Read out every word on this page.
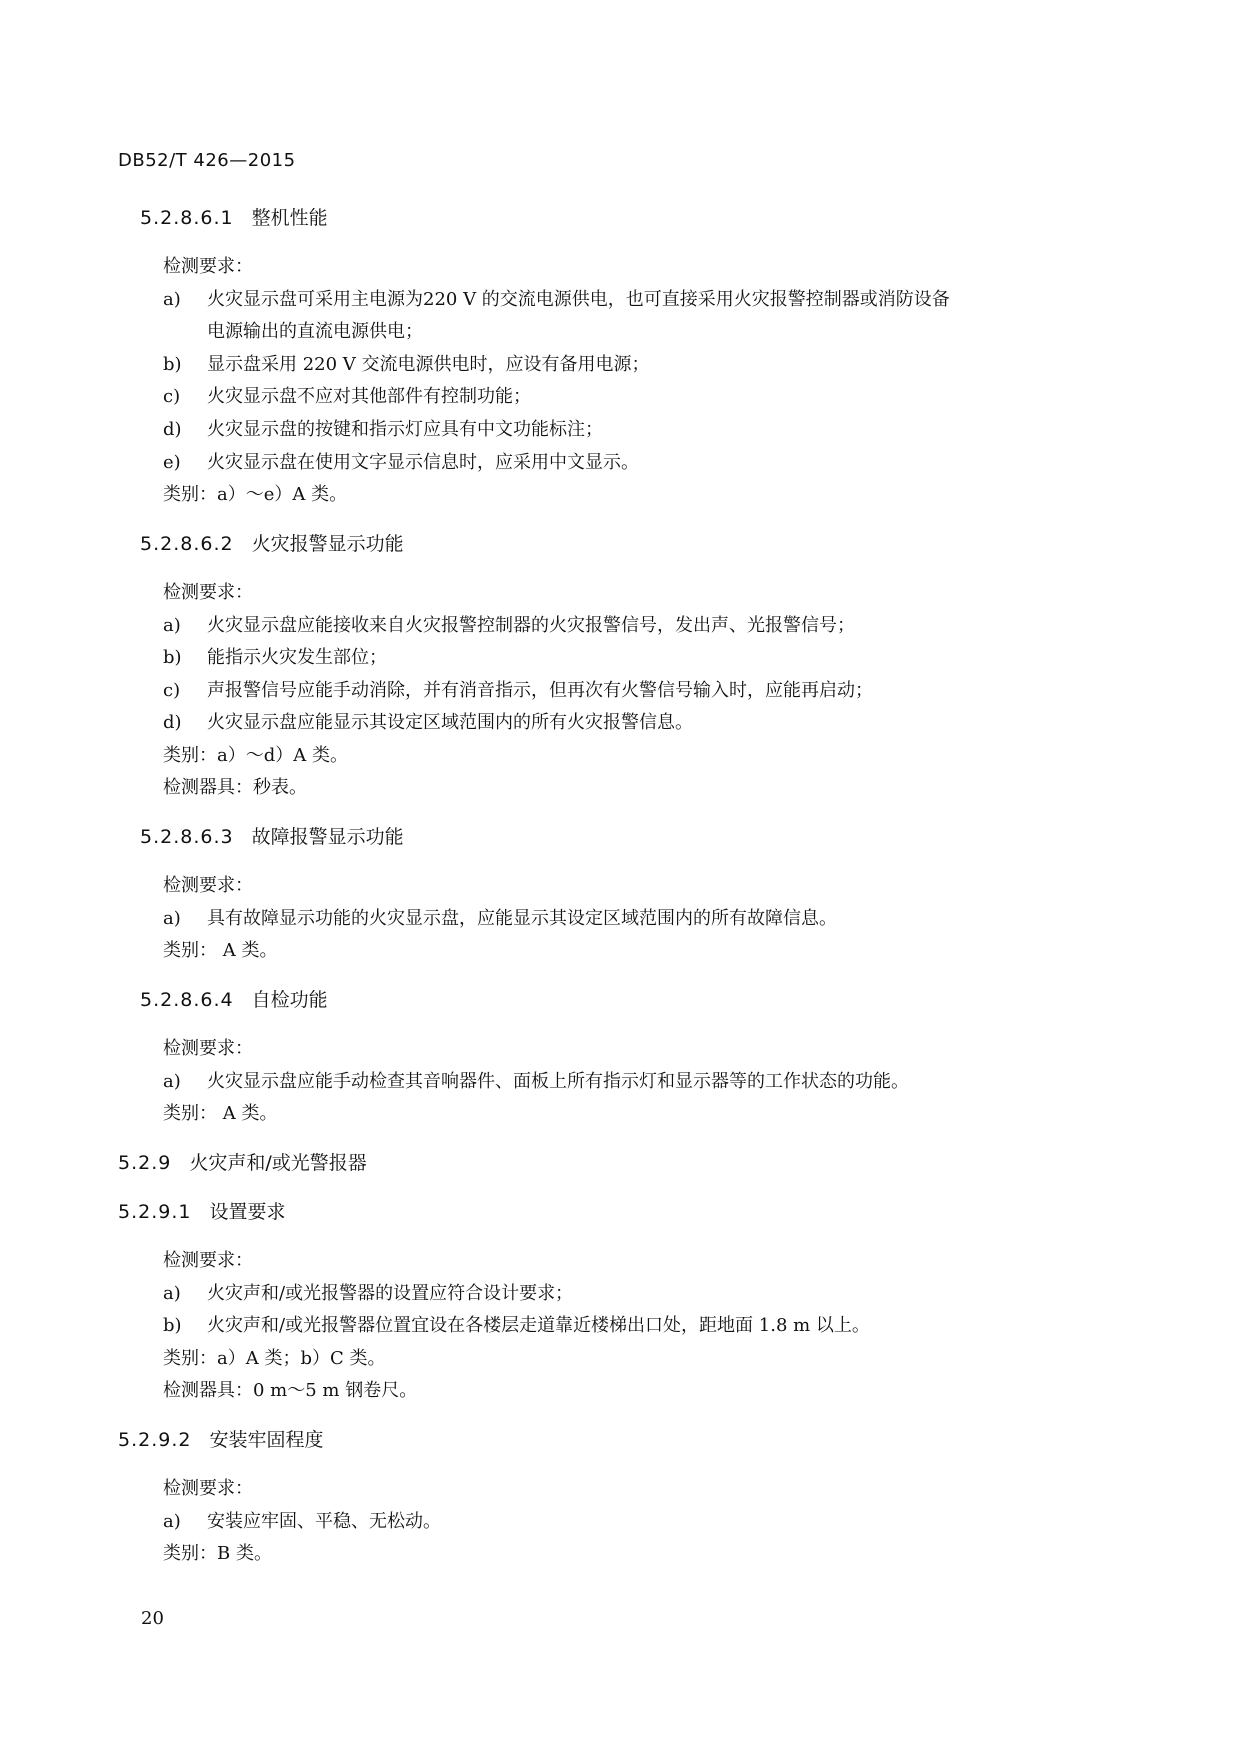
DB52/T 426—2015
5.2.8.6.1 整机性能
检测要求：
a) 火灾显示盘可采用主电源为220 V 的交流电源供电，也可直接采用火灾报警控制器或消防设备
电源输出的直流电源供电；
b) 显示盘采用 220 V 交流电源供电时，应设有备用电源；
c) 火灾显示盘不应对其他部件有控制功能；
d) 火灾显示盘的按键和指示灯应具有中文功能标注；
e) 火灾显示盘在使用文字显示信息时，应采用中文显示。
类别：a）～e）A 类。
5.2.8.6.2 火灾报警显示功能
检测要求：
a) 火灾显示盘应能接收来自火灾报警控制器的火灾报警信号，发出声、光报警信号；
b) 能指示火灾发生部位；
c) 声报警信号应能手动消除，并有消音指示，但再次有火警信号输入时，应能再启动；
d) 火灾显示盘应能显示其设定区域范围内的所有火灾报警信息。
类别：a）～d）A 类。
检测器具：秒表。
5.2.8.6.3 故障报警显示功能
检测要求：
a) 具有故障显示功能的火灾显示盘，应能显示其设定区域范围内的所有故障信息。
类别： A 类。
5.2.8.6.4 自检功能
检测要求：
a) 火灾显示盘应能手动检查其音响器件、面板上所有指示灯和显示器等的工作状态的功能。
类别： A 类。
5.2.9 火灾声和/或光警报器
5.2.9.1 设置要求
检测要求：
a) 火灾声和/或光报警器的设置应符合设计要求；
b) 火灾声和/或光报警器位置宜设在各楼层走道靠近楼梯出口处，距地面 1.8 m 以上。
类别：a）A 类；b）C 类。
检测器具：0 m～5 m 钢卷尺。
5.2.9.2 安装牢固程度
检测要求：
a) 安装应牢固、平稳、无松动。
类别：B 类。
20
